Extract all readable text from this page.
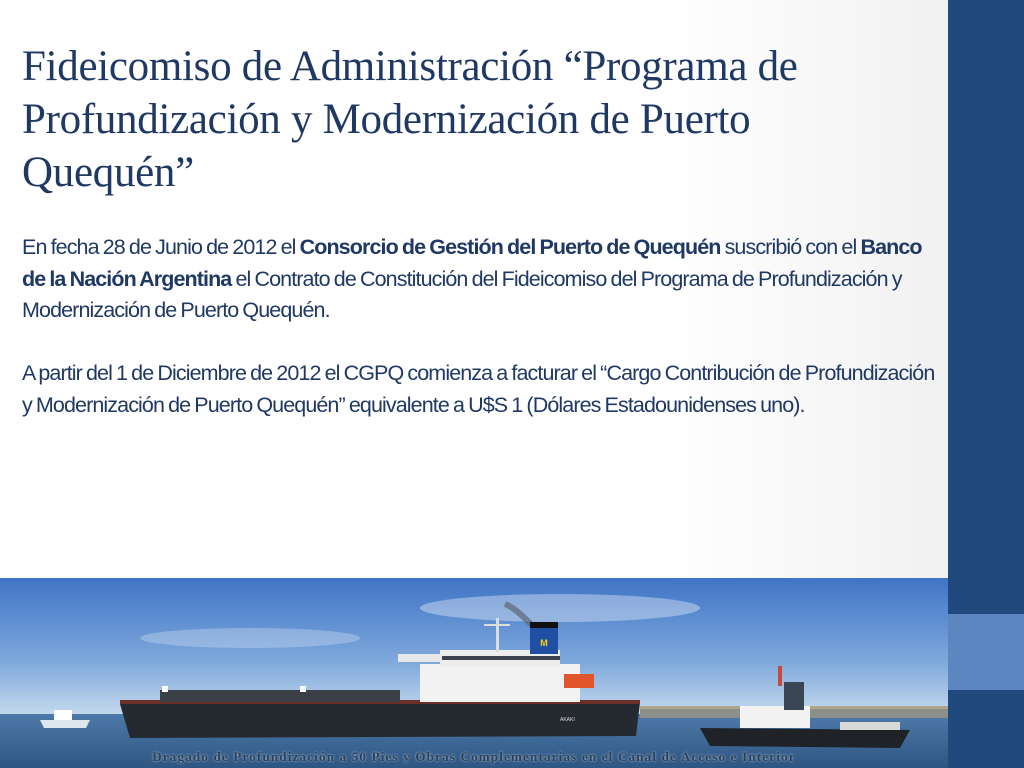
Fideicomiso de Administración “Programa de Profundización y Modernización de Puerto Quequén”

En fecha 28 de Junio de 2012 el Consorcio de Gestión del Puerto de Quequén suscribió con el Banco de la Nación Argentina el Contrato de Constitución del Fideicomiso del Programa de Profundización y Modernización de Puerto Quequén.

A partir del 1 de Diciembre de 2012 el CGPQ comienza a facturar el “Cargo Contribución de Profundización y Modernización de Puerto Quequén” equivalente a U$S 1 (Dólares Estadounidenses uno).

M
AKAKI
Dragado de Profundización a 50 Pies y Obras Complementarias en el Canal de Acceso e Interior
